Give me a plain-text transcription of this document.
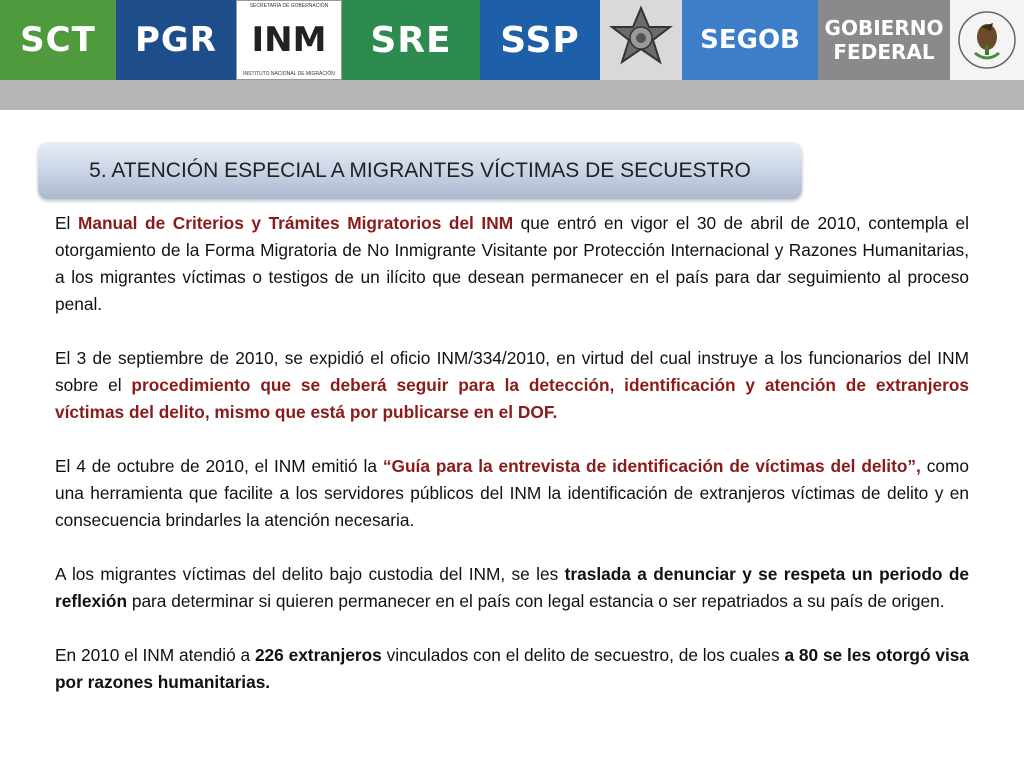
SCT PGR
SECRETARÍA DE GOBERNACIÓN
INM
INSTITUTO NACIONAL DE MIGRACIÓN
SRE SSP	SEGOB GOBIERNO
FEDERAL
5. ATENCIÓN ESPECIAL A MIGRANTES VÍCTIMAS DE SECUESTRO

El Manual de Criterios y Trámites Migratorios del INM que entró en vigor el 30 de abril de 2010, contempla el otorgamiento de la Forma Migratoria de No Inmigrante Visitante por Protección Internacional y Razones Humanitarias, a los migrantes víctimas o testigos de un ilícito que desean permanecer en el país para dar seguimiento al proceso penal.

El 3 de septiembre de 2010, se expidió el oficio INM/334/2010, en virtud del cual instruye a los funcionarios del INM sobre el procedimiento que se deberá seguir para la detección, identificación y atención de extranjeros víctimas del delito, mismo que está por publicarse en el DOF.

El 4 de octubre de 2010, el INM emitió la “Guía para la entrevista de identificación de víctimas del delito”, como una herramienta que facilite a los servidores públicos del INM la identificación de extranjeros víctimas de delito y en consecuencia brindarles la atención necesaria.

A los migrantes víctimas del delito bajo custodia del INM, se les traslada a denunciar y se respeta un periodo de reflexión para determinar si quieren permanecer en el país con legal estancia o ser repatriados a su país de origen.

En 2010 el INM atendió a 226 extranjeros vinculados con el delito de secuestro, de los cuales a 80 se les otorgó visa por razones humanitarias.
